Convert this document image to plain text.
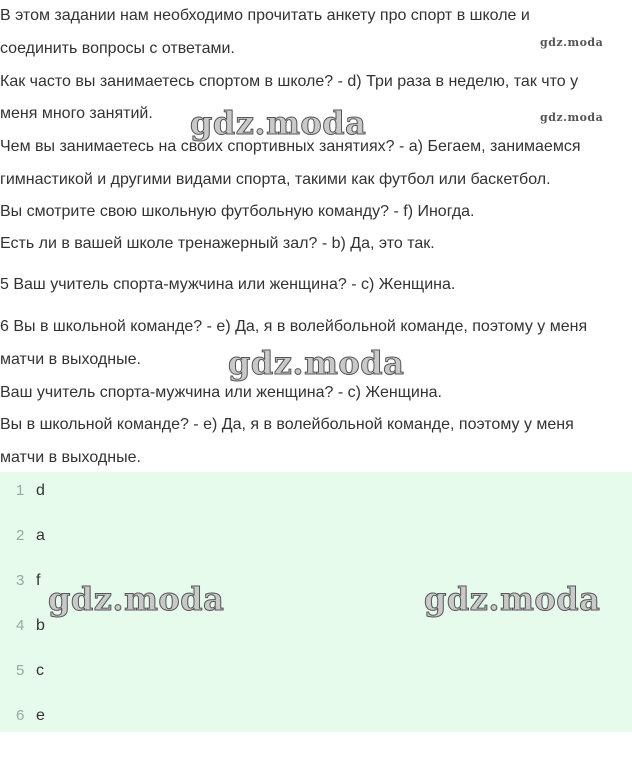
В этом задании нам необходимо прочитать анкету про спорт в школе и
соединить вопросы с ответами.
Как часто вы занимаетесь спортом в школе? - d) Три раза в неделю, так что у
меня много занятий.
Чем вы занимаетесь на своих спортивных занятиях? - a) Бегаем, занимаемся
гимнастикой и другими видами спорта, такими как футбол или баскетбол.
Вы смотрите свою школьную футбольную команду? - f) Иногда.
Есть ли в вашей школе тренажерный зал? - b) Да, это так.
5 Ваш учитель спорта-мужчина или женщина? - c) Женщина.
6 Вы в школьной команде? - e) Да, я в волейбольной команде, поэтому у меня
матчи в выходные.
Ваш учитель спорта-мужчина или женщина? - c) Женщина.
Вы в школьной команде? - e) Да, я в волейбольной команде, поэтому у меня
матчи в выходные.
1 d
2 a
3 f
4 b
5 c
6 e
gdz.moda
gdz.moda
gdz.moda
gdz.moda
gdz.moda	gdz.moda
